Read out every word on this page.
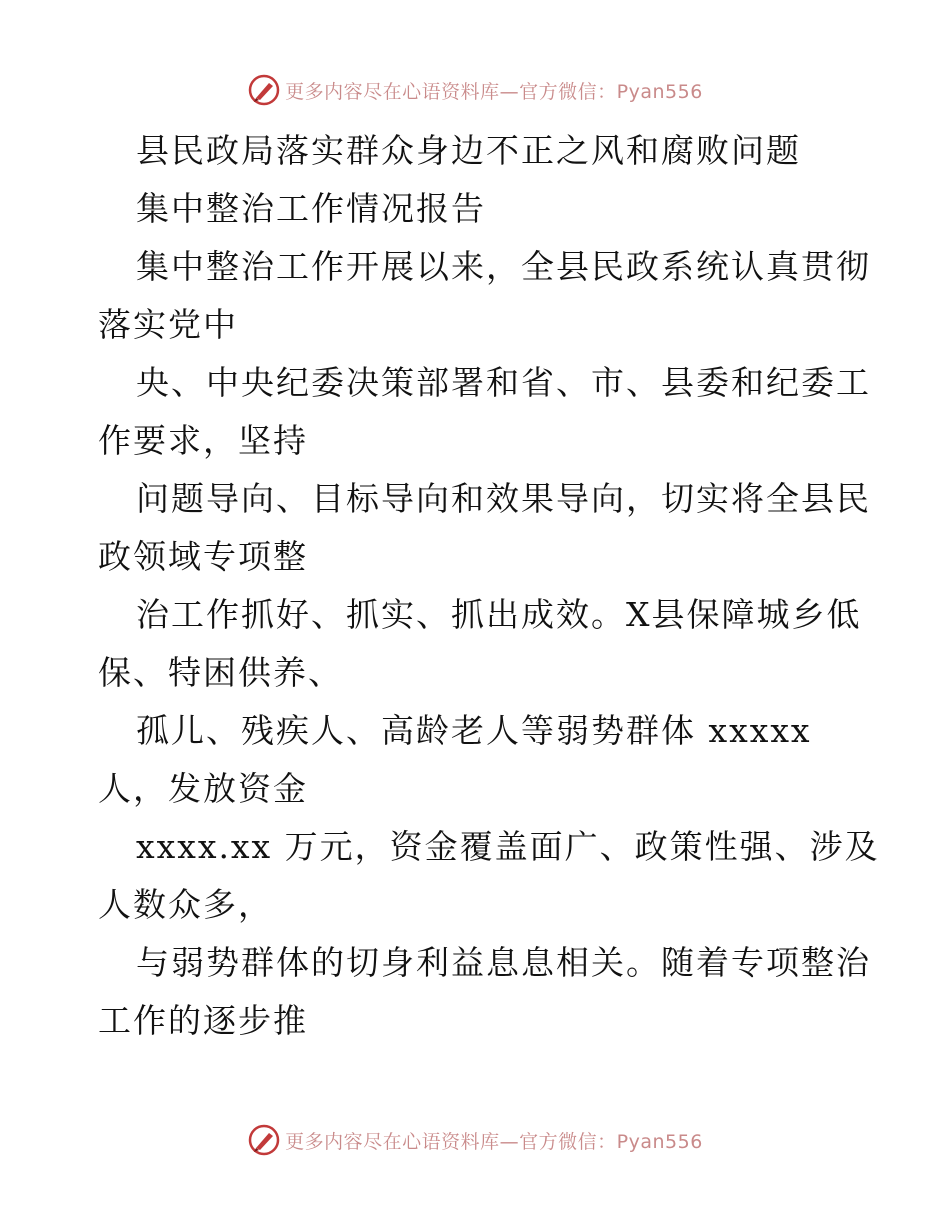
更多内容尽在心语资料库—官方微信：Pyan556
县民政局落实群众身边不正之风和腐败问题
集中整治工作情况报告
集中整治工作开展以来，全县民政系统认真贯彻
落实党中
央、中央纪委决策部署和省、市、县委和纪委工
作要求，坚持
问题导向、目标导向和效果导向，切实将全县民
政领域专项整
治工作抓好、抓实、抓出成效。X县保障城乡低
保、特困供养、
孤儿、残疾人、高龄老人等弱势群体 xxxxx
人，发放资金
xxxx.xx 万元，资金覆盖面广、政策性强、涉及
人数众多，
与弱势群体的切身利益息息相关。随着专项整治
工作的逐步推
更多内容尽在心语资料库—官方微信：Pyan556
